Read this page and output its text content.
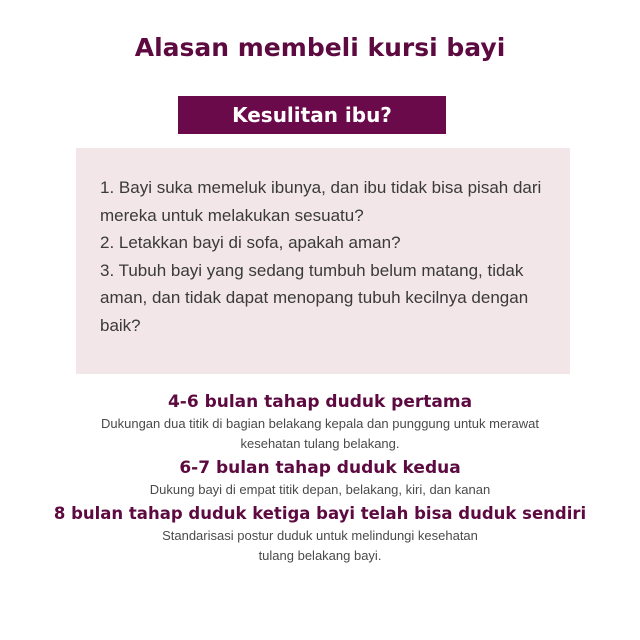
Alasan membeli kursi bayi
Kesulitan ibu?
1. Bayi suka memeluk ibunya, dan ibu tidak bisa pisah dari mereka untuk melakukan sesuatu?
2. Letakkan bayi di sofa, apakah aman?
3. Tubuh bayi yang sedang tumbuh belum matang, tidak aman, dan tidak dapat menopang tubuh kecilnya dengan baik?
4-6 bulan tahap duduk pertama

Dukungan dua titik di bagian belakang kepala dan punggung untuk merawat kesehatan tulang belakang.

6-7 bulan tahap duduk kedua

Dukung bayi di empat titik depan, belakang, kiri, dan kanan

8 bulan tahap duduk ketiga bayi telah bisa duduk sendiri

Standarisasi postur duduk untuk melindungi kesehatan tulang belakang bayi.
